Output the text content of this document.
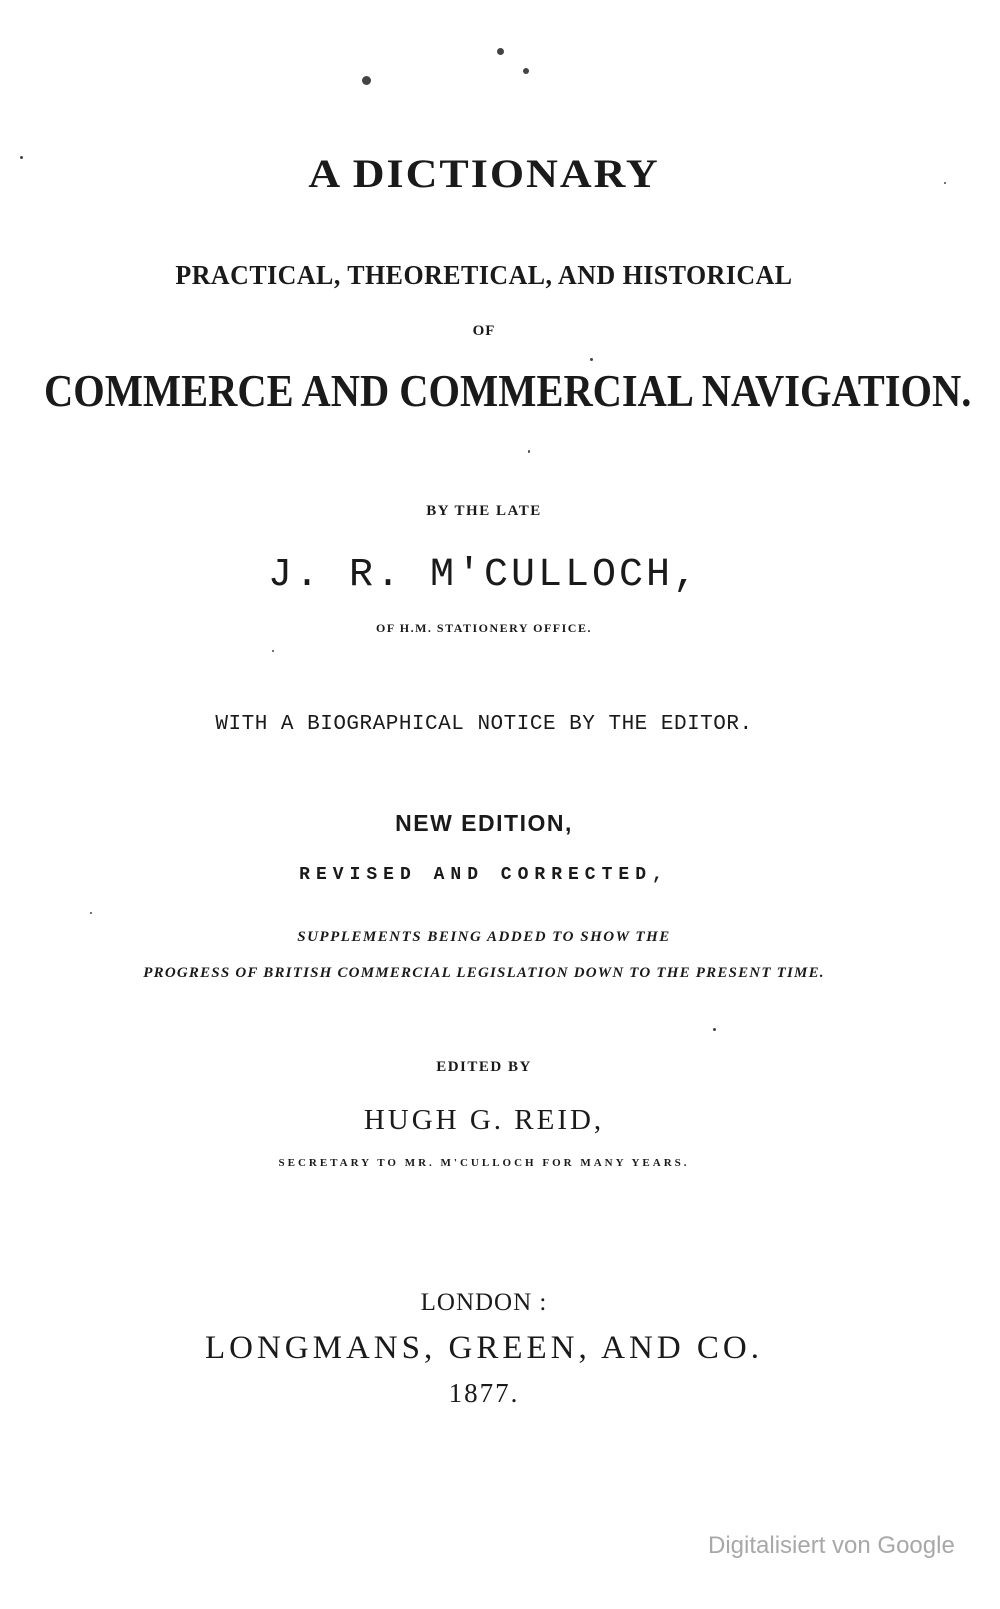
A DICTIONARY
PRACTICAL, THEORETICAL, AND HISTORICAL
OF
COMMERCE AND COMMERCIAL NAVIGATION.
BY THE LATE
J. R. M'CULLOCH,
OF H.M. STATIONERY OFFICE.
WITH A BIOGRAPHICAL NOTICE BY THE EDITOR.
NEW EDITION,
REVISED AND CORRECTED,
SUPPLEMENTS BEING ADDED TO SHOW THE
PROGRESS OF BRITISH COMMERCIAL LEGISLATION DOWN TO THE PRESENT TIME.
EDITED BY
HUGH G. REID,
SECRETARY TO MR. M'CULLOCH FOR MANY YEARS.
LONDON :
LONGMANS, GREEN, AND CO.
1877.
Digitalisiert von Google
